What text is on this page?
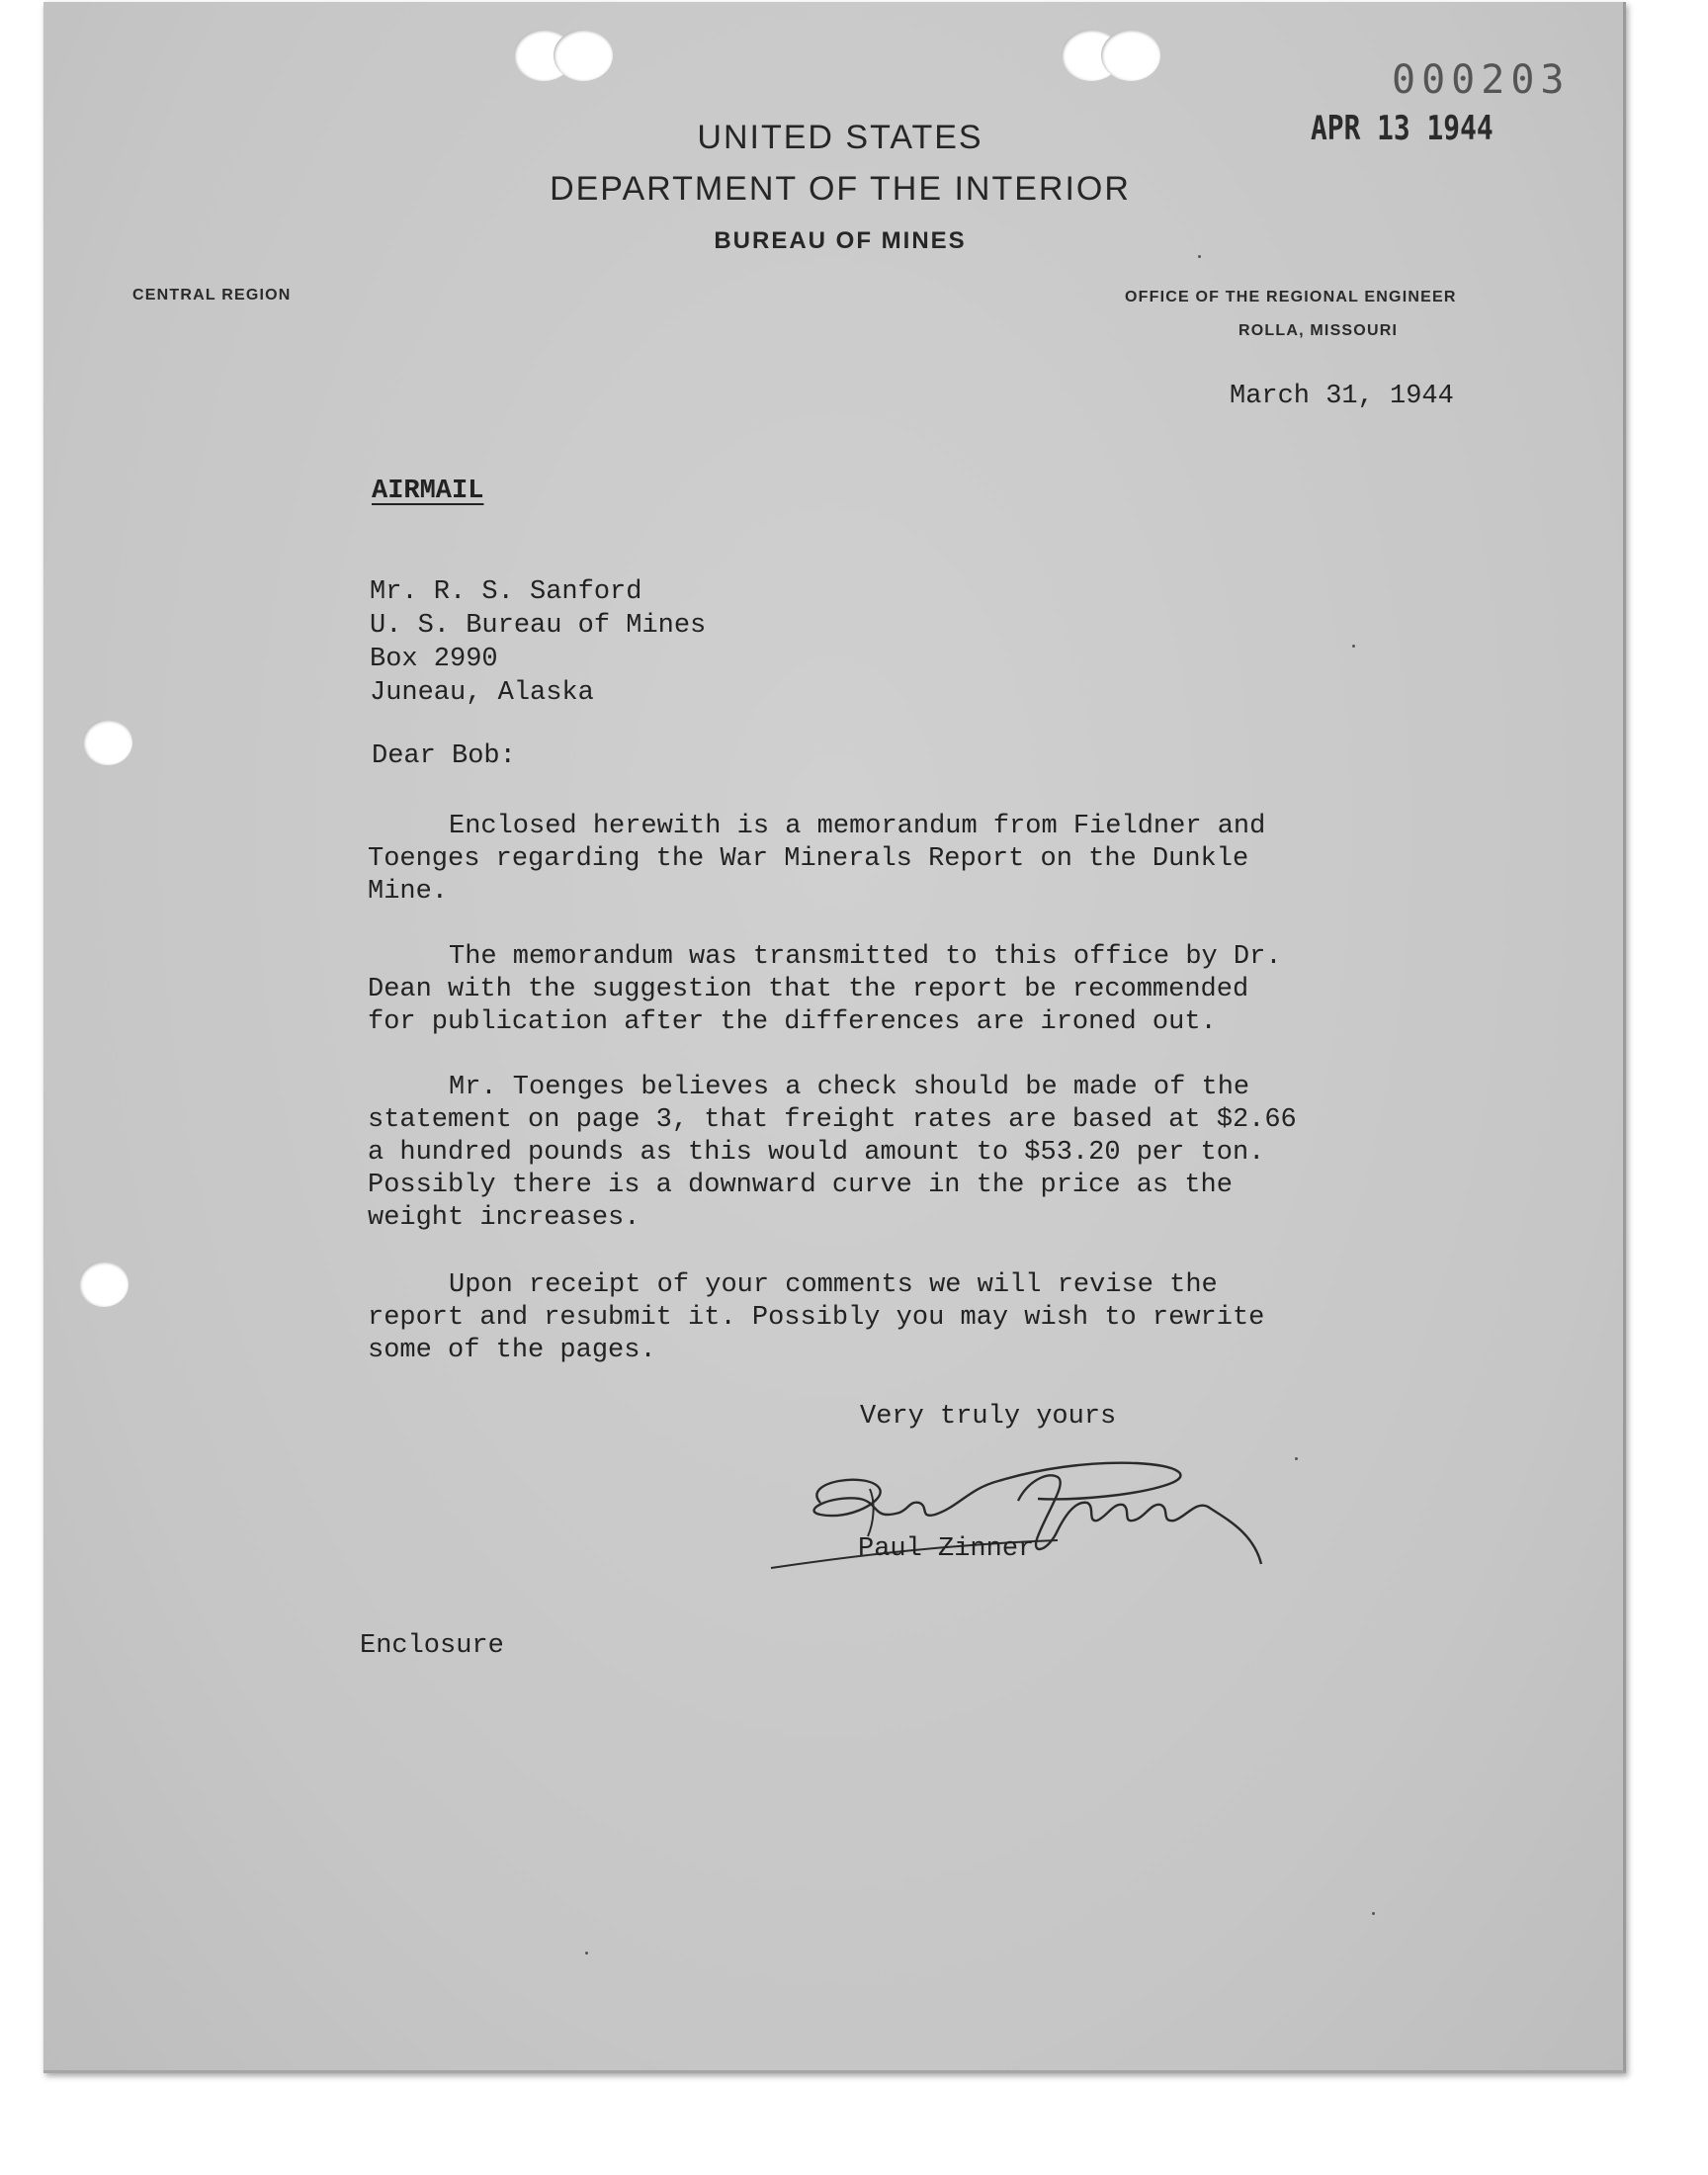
000203
APR 13 1944
UNITED STATES
DEPARTMENT OF THE INTERIOR
BUREAU OF MINES
CENTRAL REGION	OFFICE OF THE REGIONAL ENGINEER
ROLLA, MISSOURI
March 31, 1944
AIRMAIL
Mr. R. S. Sanford
U. S. Bureau of Mines
Box 2990
Juneau, Alaska
Dear Bob:
Enclosed herewith is a memorandum from Fieldner and
Toenges regarding the War Minerals Report on the Dunkle
Mine.
The memorandum was transmitted to this office by Dr.
Dean with the suggestion that the report be recommended
for publication after the differences are ironed out.
Mr. Toenges believes a check should be made of the
statement on page 3, that freight rates are based at $2.66
a hundred pounds as this would amount to $53.20 per ton.
Possibly there is a downward curve in the price as the
weight increases.
Upon receipt of your comments we will revise the
report and resubmit it. Possibly you may wish to rewrite
some of the pages.
Very truly yours
Paul Zinner
Enclosure
